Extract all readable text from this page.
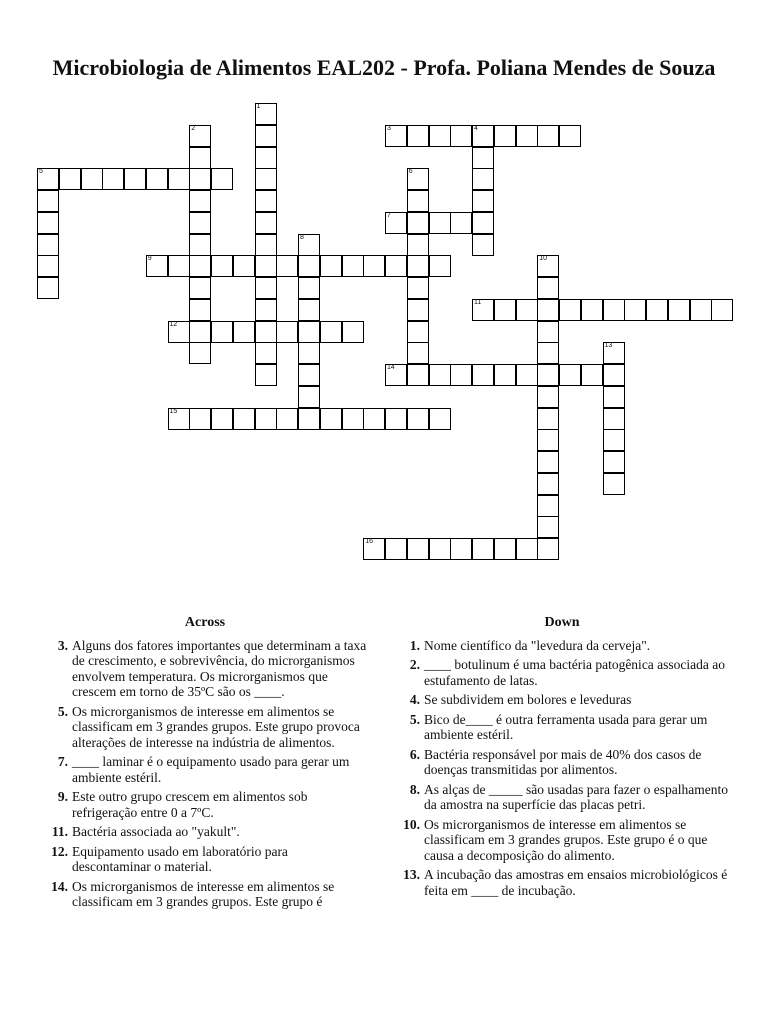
Microbiologia de Alimentos EAL202 - Profa. Poliana Mendes de Souza
1
2	3	4
5	6
7
8
9	10
11
12
13
14
15
16
Across
3. Alguns dos fatores importantes que determinam a taxa de crescimento, e sobrevivência, do microrganismos envolvem temperatura. Os microrganismos que crescem em torno de 35ºC são os ____.
5. Os microrganismos de interesse em alimentos se classificam em 3 grandes grupos. Este grupo provoca alterações de interesse na indústria de alimentos.
7. ____ laminar é o equipamento usado para gerar um ambiente estéril.
9. Este outro grupo crescem em alimentos sob refrigeração entre 0 a 7ºC.
11. Bactéria associada ao "yakult".
12. Equipamento usado em laboratório para descontaminar o material.
14. Os microrganismos de interesse em alimentos se classificam em 3 grandes grupos. Este grupo é
Down
1. Nome científico da "levedura da cerveja".
2. ____ botulinum é uma bactéria patogênica associada ao estufamento de latas.
4. Se subdividem em bolores e leveduras
5. Bico de____ é outra ferramenta usada para gerar um ambiente estéril.
6. Bactéria responsável por mais de 40% dos casos de doenças transmitidas por alimentos.
8. As alças de _____ são usadas para fazer o espalhamento da amostra na superfície das placas petri.
10. Os microrganismos de interesse em alimentos se classificam em 3 grandes grupos. Este grupo é o que causa a decomposição do alimento.
13. A incubação das amostras em ensaios microbiológicos é feita em ____ de incubação.
